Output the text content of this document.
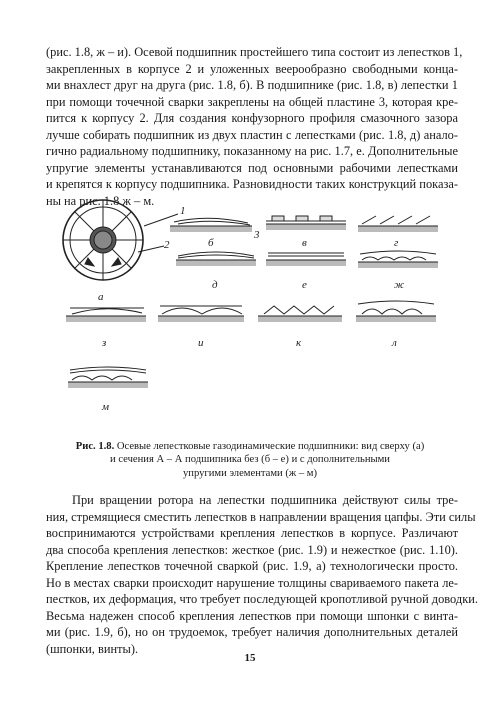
(рис. 1.8, ж – и). Осевой подшипник простейшего типа состоит из лепестков 1,
закрепленных в корпусе 2 и уложенных веерообразно свободными конца-
ми внахлест друг на друга (рис. 1.8, б). В подшипнике (рис. 1.8, в) лепестки 1
при помощи точечной сварки закреплены на общей пластине 3, которая кре-
пится к корпусу 2. Для создания конфузорного профиля смазочного зазора
лучше собирать подшипник из двух пластин с лепестками (рис. 1.8, д) анало-
гично радиальному подшипнику, показанному на рис. 1.7, е. Дополнительные
упругие элементы устанавливаются под основными рабочими лепестками
и крепятся к корпусу подшипника. Разновидности таких конструкций показа-
ны на рис. 1.8 ж – м.
а
б	в	г
д	е	ж
з	и	к	л
м
1
2
3
Рис. 1.8. Осевые лепестковые газодинамические подшипники: вид сверху (а)
и сечения А – А подшипника без (б – е) и с дополнительными
упругими элементами (ж – м)
При вращении ротора на лепестки подшипника действуют силы тре-
ния, стремящиеся сместить лепестков в направлении вращения цапфы. Эти силы
воспринимаются устройствами крепления лепестков в корпусе. Различают
два способа крепления лепестков: жесткое (рис. 1.9) и нежесткое (рис. 1.10).
Крепление лепестков точечной сваркой (рис. 1.9, а) технологически просто.
Но в местах сварки происходит нарушение толщины свариваемого пакета ле-
пестков, их деформация, что требует последующей кропотливой ручной доводки.
Весьма надежен способ крепления лепестков при помощи шпонки с винта-
ми (рис. 1.9, б), но он трудоемок, требует наличия дополнительных деталей
(шпонки, винты).
15
